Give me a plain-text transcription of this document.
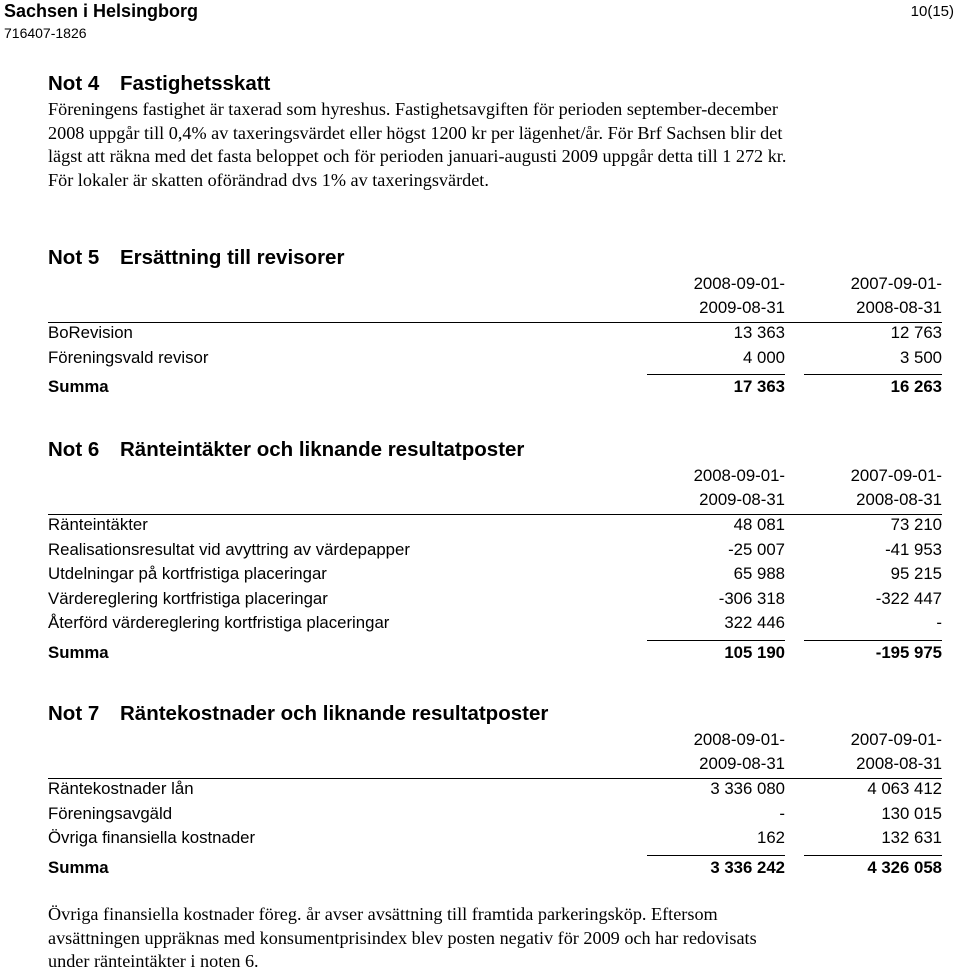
Sachsen i Helsingborg
716407-1826
10(15)
Not 4 Fastighetsskatt
Föreningens fastighet är taxerad som hyreshus. Fastighetsavgiften för perioden september-december
2008 uppgår till 0,4% av taxeringsvärdet eller högst 1200 kr per lägenhet/år. För Brf Sachsen blir det
lägst att räkna med det fasta beloppet och för perioden januari-augusti 2009 uppgår detta till 1 272 kr.
För lokaler är skatten oförändrad dvs 1% av taxeringsvärdet.
Not 5 Ersättning till revisorer
2008-09-01-	2007-09-01-
2009-08-31	2008-08-31
BoRevision	13 363	12 763
Föreningsvald revisor	4 000	3 500
Summa	17 363	16 263
Not 6 Ränteintäkter och liknande resultatposter
2008-09-01-	2007-09-01-
2009-08-31	2008-08-31
Ränteintäkter	48 081	73 210
Realisationsresultat vid avyttring av värdepapper	-25 007	-41 953
Utdelningar på kortfristiga placeringar	65 988	95 215
Värdereglering kortfristiga placeringar	-306 318	-322 447
Återförd värdereglering kortfristiga placeringar	322 446	-
Summa	105 190	-195 975
Not 7 Räntekostnader och liknande resultatposter
2008-09-01-	2007-09-01-
2009-08-31	2008-08-31
Räntekostnader lån	3 336 080	4 063 412
Föreningsavgäld	-	130 015
Övriga finansiella kostnader	162	132 631
Summa	3 336 242	4 326 058
Övriga finansiella kostnader föreg. år avser avsättning till framtida parkeringsköp. Eftersom
avsättningen uppräknas med konsumentprisindex blev posten negativ för 2009 och har redovisats
under ränteintäkter i noten 6.
